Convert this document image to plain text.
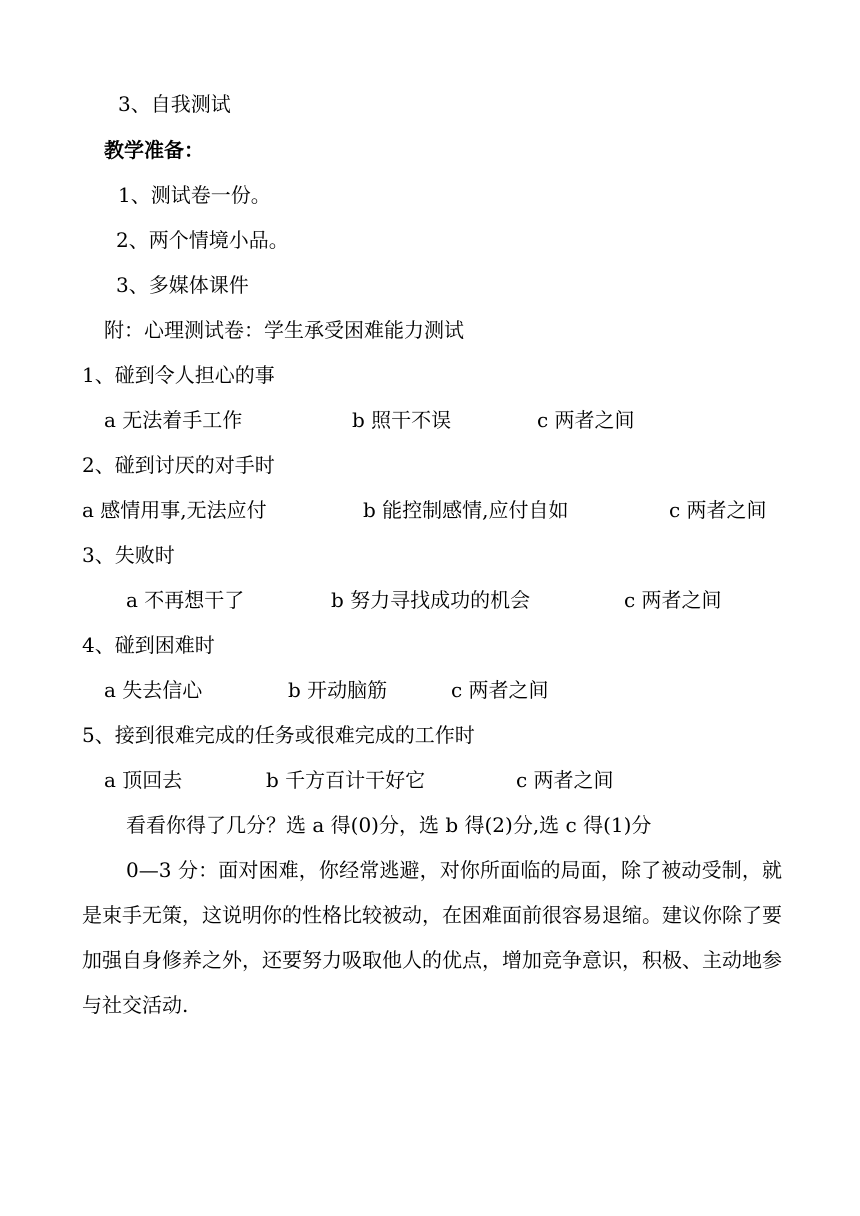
3、自我测试
教学准备：
1、测试卷一份。
2、两个情境小品。
3、多媒体课件
附：心理测试卷：学生承受困难能力测试
1、碰到令人担心的事
a 无法着手工作	b 照干不误	c 两者之间
2、碰到讨厌的对手时
a 感情用事,无法应付	b 能控制感情,应付自如	c 两者之间
3、失败时
a 不再想干了	b 努力寻找成功的机会	c 两者之间
4、碰到困难时
a 失去信心	b 开动脑筋	c 两者之间
5、接到很难完成的任务或很难完成的工作时
a 顶回去	b 千方百计干好它	c 两者之间
看看你得了几分？选 a 得(0)分，选 b 得(2)分,选 c 得(1)分
0—3 分：面对困难，你经常逃避，对你所面临的局面，除了被动受制，就是束手无策，这说明你的性格比较被动，在困难面前很容易退缩。建议你除了要加强自身修养之外，还要努力吸取他人的优点，增加竞争意识，积极、主动地参与社交活动.
